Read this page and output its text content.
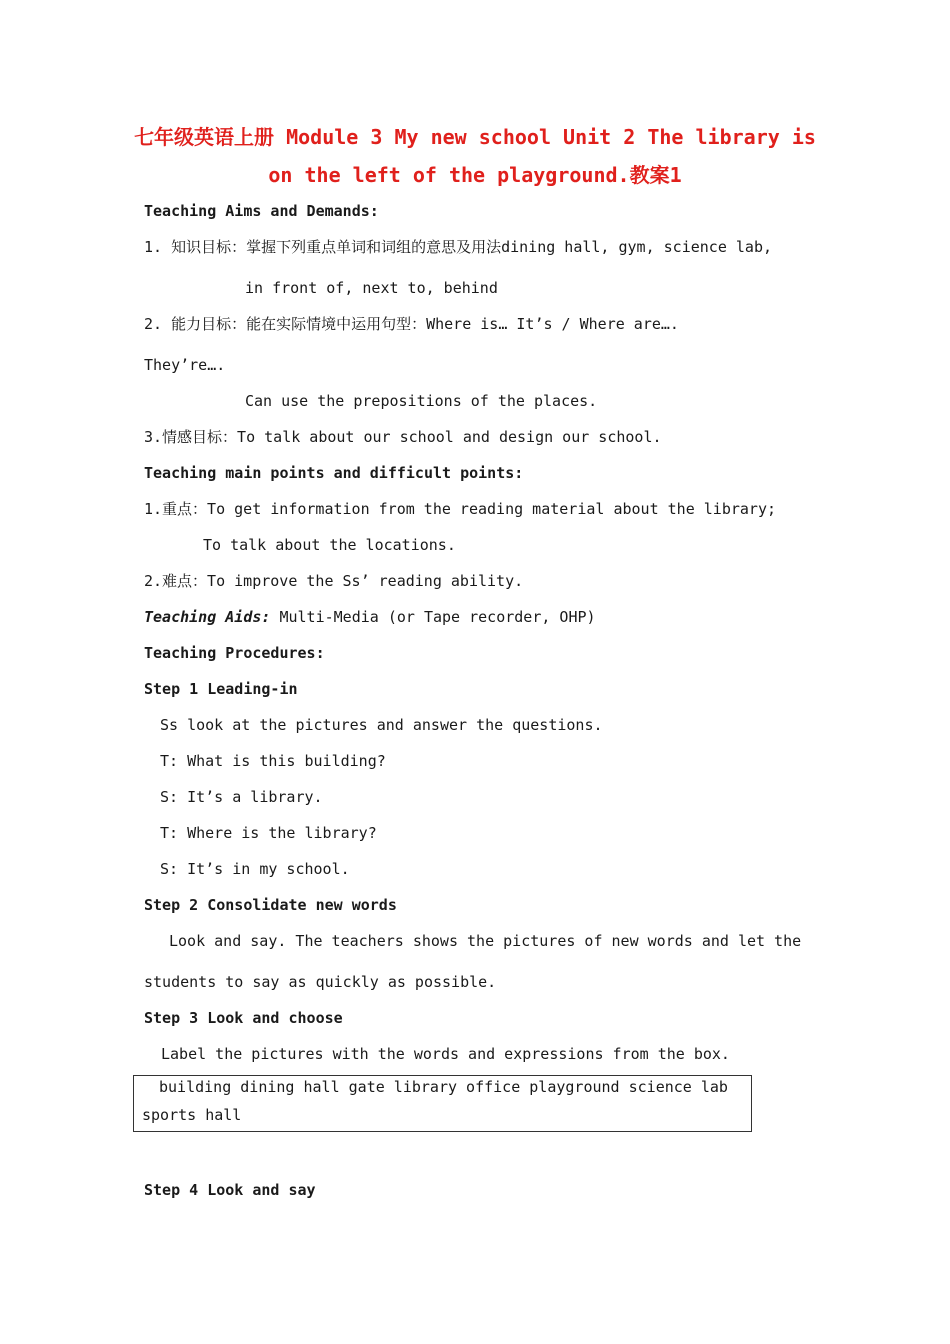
七年级英语上册 Module 3 My new school Unit 2 The library is
on the left of the playground.教案1
Teaching Aims and Demands:
1. 知识目标：掌握下列重点单词和词组的意思及用法dining hall, gym, science lab,
in front of, next to, behind
2. 能力目标：能在实际情境中运用句型：Where is… It’s / Where are….
They’re….
Can use the prepositions of the places.
3.情感目标：To talk about our school and design our school.
Teaching main points and difficult points:
1.重点：To get information from the reading material about the library;
To talk about the locations.
2.难点：To improve the Ss’ reading ability.
Teaching Aids: Multi-Media (or Tape recorder, OHP)
Teaching Procedures:
Step 1 Leading-in
Ss look at the pictures and answer the questions.
T: What is this building?
S: It’s a library.
T: Where is the library?
S: It’s in my school.
Step 2 Consolidate new words
Look and say. The teachers shows the pictures of new words and let the
students to say as quickly as possible.
Step 3 Look and choose
Label the pictures with the words and expressions from the box.
building dining hall gate library office playground science lab
sports hall
Step 4 Look and say
